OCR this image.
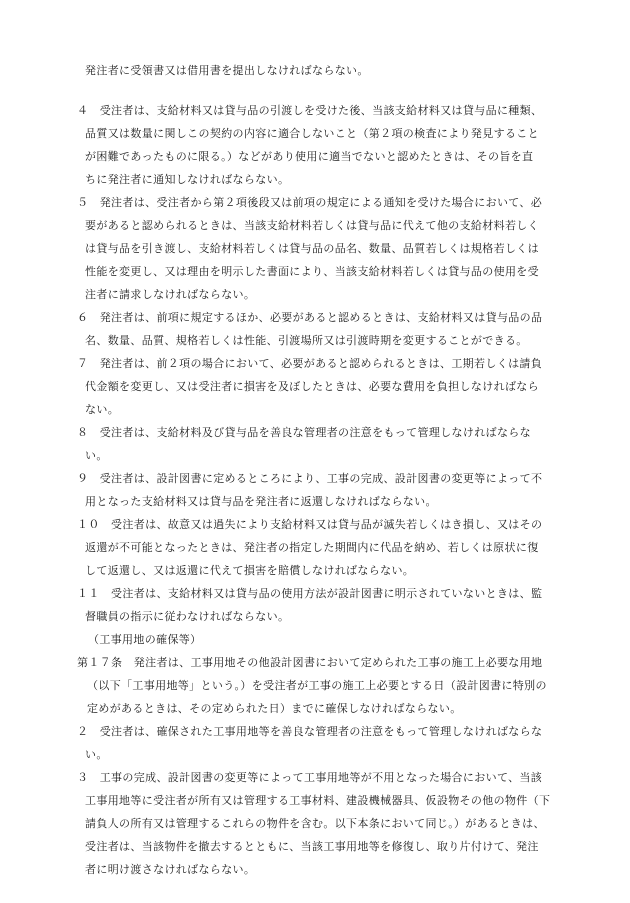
発注者に受領書又は借用書を提出しなければならない。
４　受注者は、支給材料又は貸与品の引渡しを受けた後、当該支給材料又は貸与品に種類、
品質又は数量に関しこの契約の内容に適合しないこと（第２項の検査により発見すること
が困難であったものに限る。）などがあり使用に適当でないと認めたときは、その旨を直
ちに発注者に通知しなければならない。
５　発注者は、受注者から第２項後段又は前項の規定による通知を受けた場合において、必
要があると認められるときは、当該支給材料若しくは貸与品に代えて他の支給材料若しく
は貸与品を引き渡し、支給材料若しくは貸与品の品名、数量、品質若しくは規格若しくは
性能を変更し、又は理由を明示した書面により、当該支給材料若しくは貸与品の使用を受
注者に請求しなければならない。
６　発注者は、前項に規定するほか、必要があると認めるときは、支給材料又は貸与品の品
名、数量、品質、規格若しくは性能、引渡場所又は引渡時期を変更することができる。
７　発注者は、前２項の場合において、必要があると認められるときは、工期若しくは請負
代金額を変更し、又は受注者に損害を及ぼしたときは、必要な費用を負担しなければなら
ない。
８　受注者は、支給材料及び貸与品を善良な管理者の注意をもって管理しなければならな
い。
９　受注者は、設計図書に定めるところにより、工事の完成、設計図書の変更等によって不
用となった支給材料又は貸与品を発注者に返還しなければならない。
１０　受注者は、故意又は過失により支給材料又は貸与品が滅失若しくはき損し、又はその
返還が不可能となったときは、発注者の指定した期間内に代品を納め、若しくは原状に復
して返還し、又は返還に代えて損害を賠償しなければならない。
１１　受注者は、支給材料又は貸与品の使用方法が設計図書に明示されていないときは、監
督職員の指示に従わなければならない。
（工事用地の確保等）
第１７条　発注者は、工事用地その他設計図書において定められた工事の施工上必要な用地
（以下「工事用地等」という。）を受注者が工事の施工上必要とする日（設計図書に特別の
定めがあるときは、その定められた日）までに確保しなければならない。
２　受注者は、確保された工事用地等を善良な管理者の注意をもって管理しなければならな
い。
３　工事の完成、設計図書の変更等によって工事用地等が不用となった場合において、当該
工事用地等に受注者が所有又は管理する工事材料、建設機械器具、仮設物その他の物件（下
請負人の所有又は管理するこれらの物件を含む。以下本条において同じ。）があるときは、
受注者は、当該物件を撤去するとともに、当該工事用地等を修復し、取り片付けて、発注
者に明け渡さなければならない。
